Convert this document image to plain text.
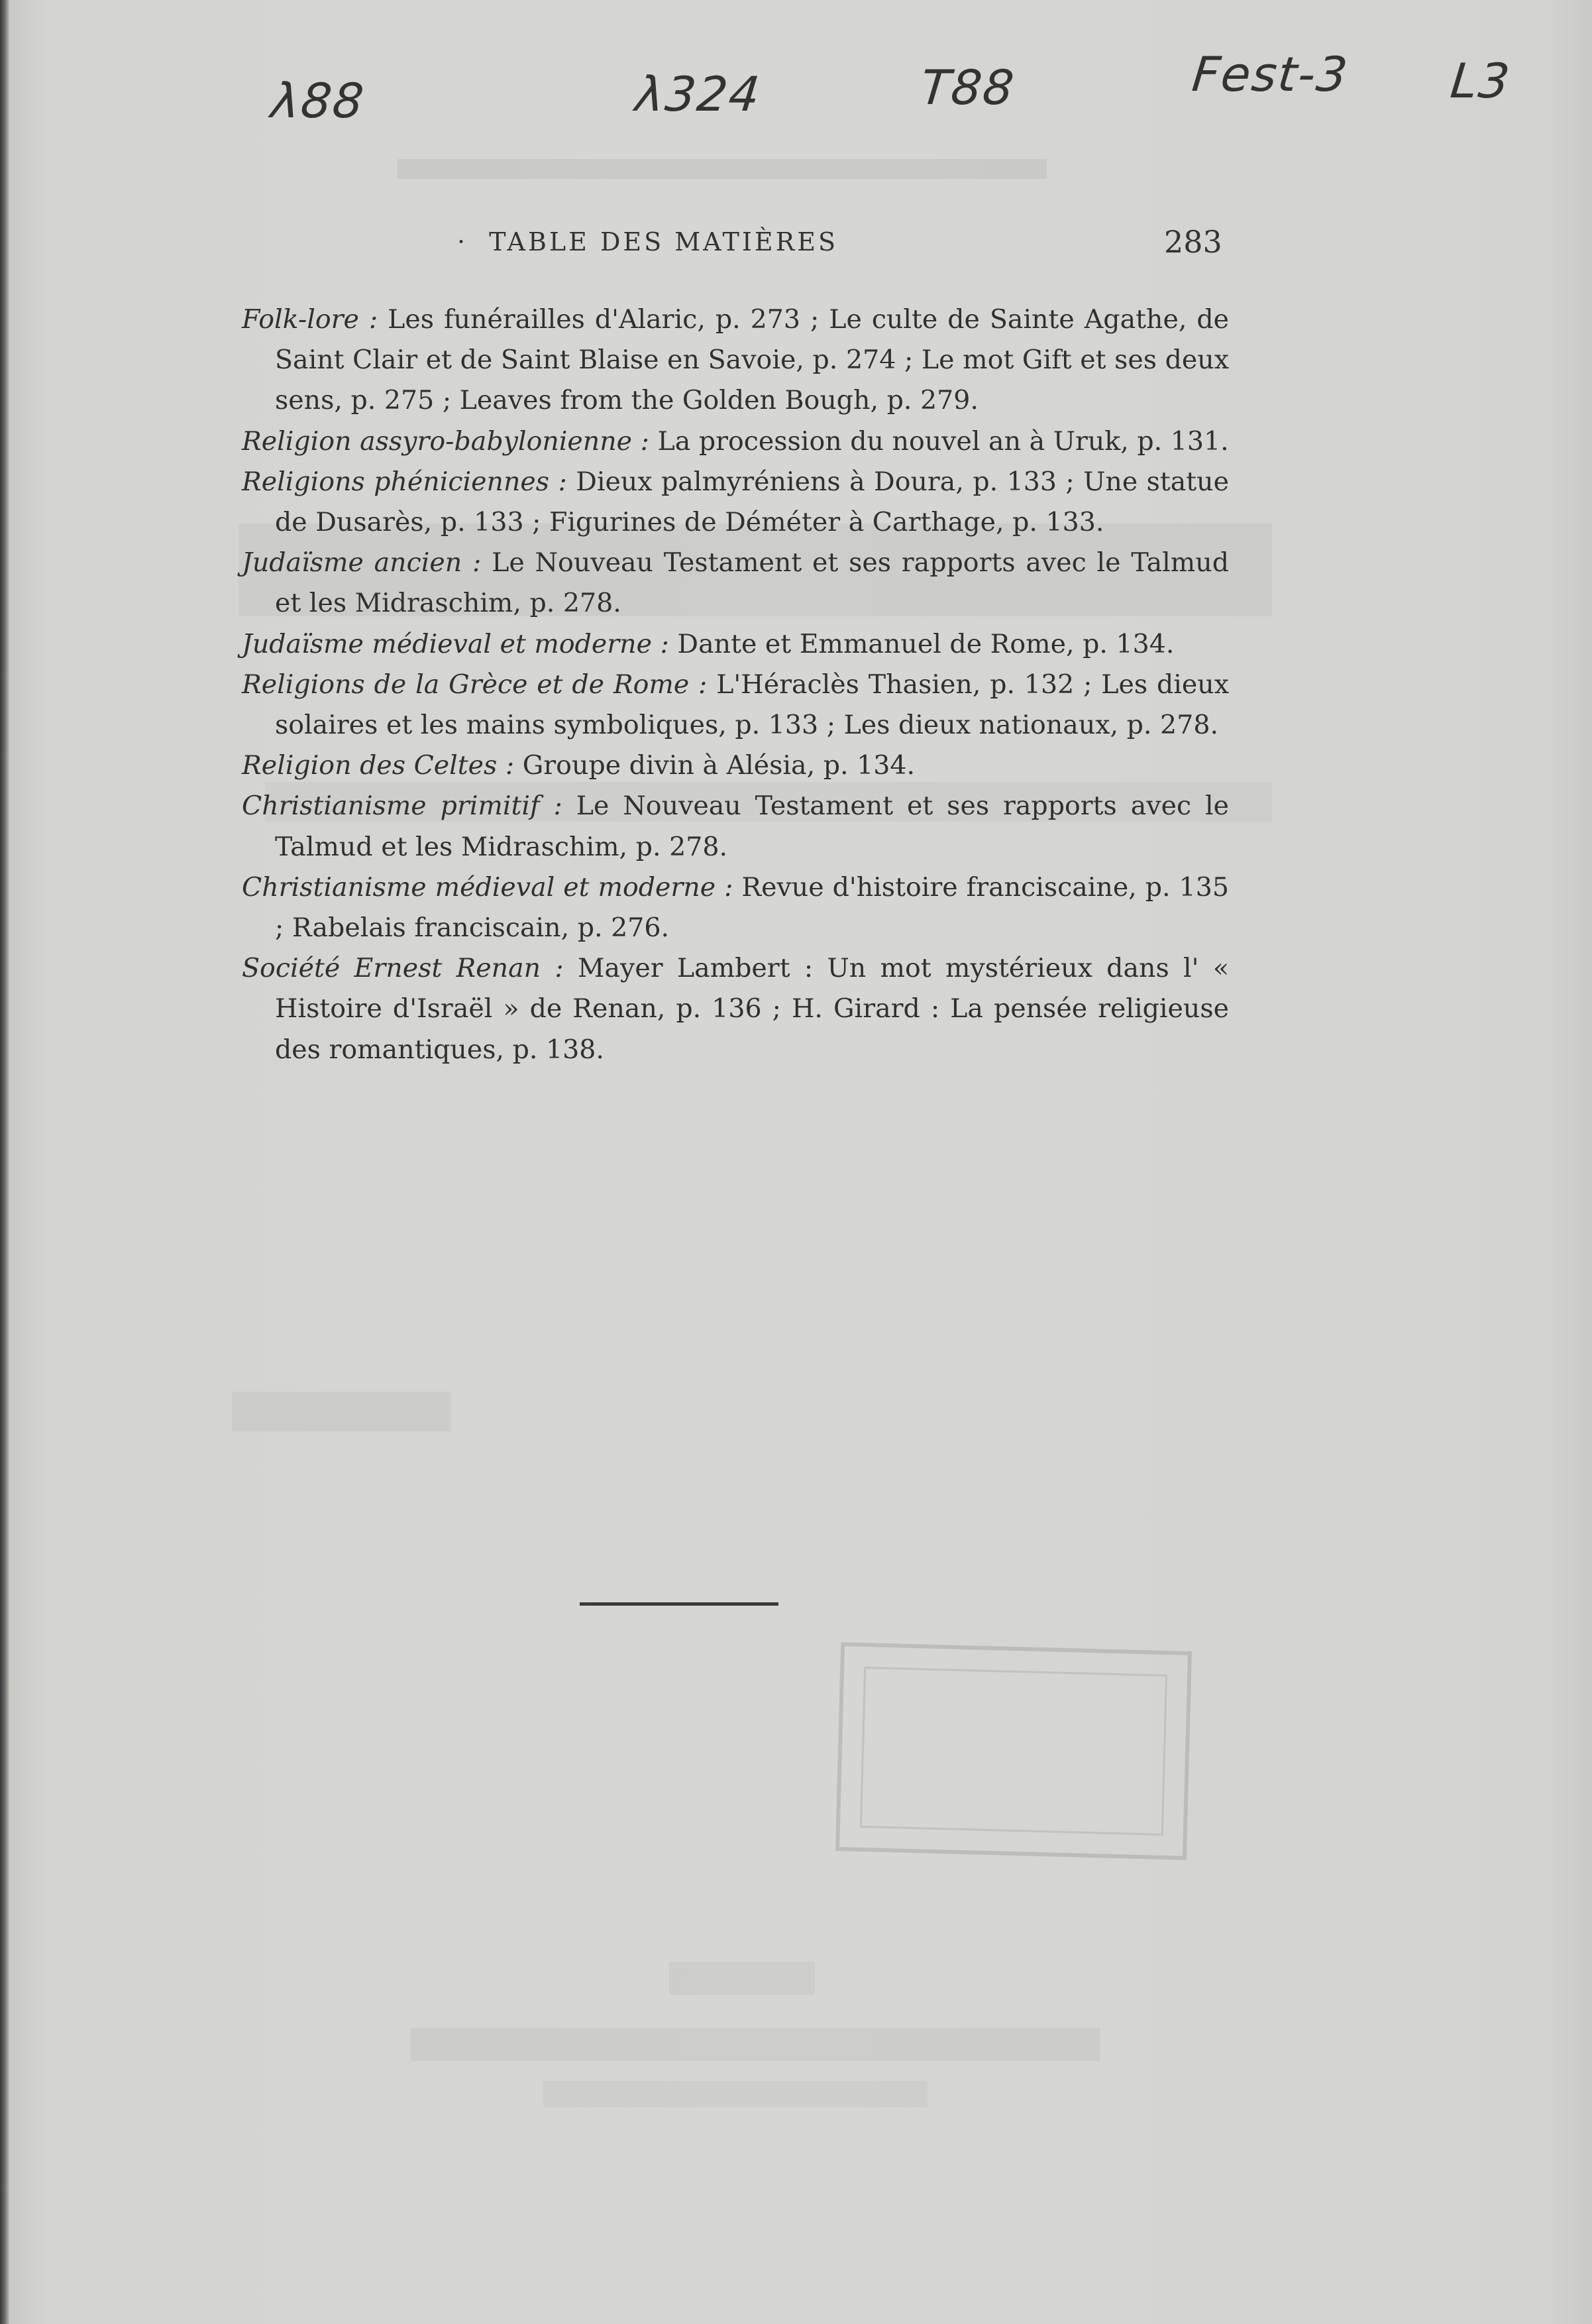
λ88	λ324	T88	Fest-3 L3
·  TABLE DES MATIÈRES	283

Folk-lore : Les funérailles d'Alaric, p. 273 ; Le culte de Sainte Agathe, de Saint Clair et de Saint Blaise en Savoie, p. 274 ; Le mot Gift et ses deux sens, p. 275 ; Leaves from the Golden Bough, p. 279.

Religion assyro-babylonienne : La procession du nouvel an à Uruk, p. 131.

Religions phéniciennes : Dieux palmyréniens à Doura, p. 133 ; Une statue de Dusarès, p. 133 ; Figurines de Déméter à Carthage, p. 133.

Judaïsme ancien : Le Nouveau Testament et ses rapports avec le Talmud et les Midraschim, p. 278.

Judaïsme médieval et moderne : Dante et Emmanuel de Rome, p. 134.

Religions de la Grèce et de Rome : L'Héraclès Thasien, p. 132 ; Les dieux solaires et les mains symboliques, p. 133 ; Les dieux nationaux, p. 278.

Religion des Celtes : Groupe divin à Alésia, p. 134.

Christianisme primitif : Le Nouveau Testament et ses rapports avec le Talmud et les Midraschim, p. 278.

Christianisme médieval et moderne : Revue d'histoire franciscaine, p. 135 ; Rabelais franciscain, p. 276.

Société Ernest Renan : Mayer Lambert : Un mot mystérieux dans l' « Histoire d'Israël » de Renan, p. 136 ; H. Girard : La pensée religieuse des romantiques, p. 138.
